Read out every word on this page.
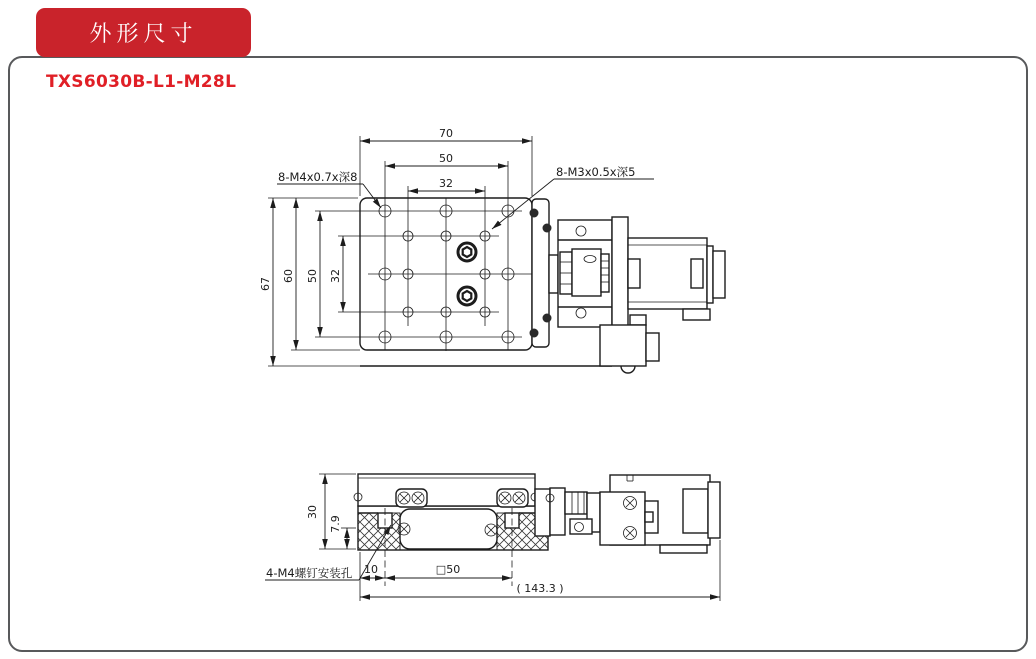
外形尺寸
TXS6030B-L1-M28L
70
50
32
67
60 50 32
8-M4x0.7x深8	8-M3x0.5x深5
10	□50
( 143.3 )
30
7.9
4-M4螺钉安装孔
